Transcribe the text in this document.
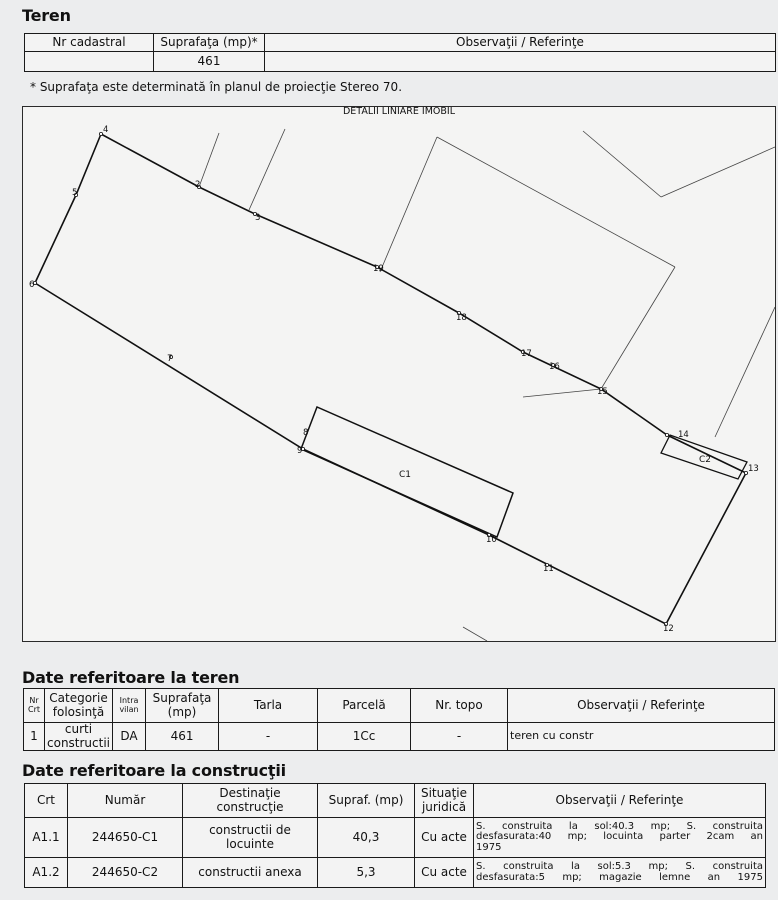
Teren
Nr cadastral	Suprafaţa (mp)*	Observaţii / Referinţe
	461	
* Suprafaţa este determinată în planul de proiecţie Stereo 70.
DETALII LINIARE IMOBIL
4
5
2
3
19
18
17
16
15
14
13
12
11
10
9
8
7
6
C1
C2
Date referitoare la teren
Nr Crt	Categorie folosinţă	Intra vilan	Suprafaţa (mp)	Tarla	Parcelă	Nr. topo	Observaţii / Referinţe
1	curti constructii	DA	461	-	1Cc	-	teren cu constr
Date referitoare la construcţii
Crt	Număr	Destinaţie construcţie	Supraf. (mp)	Situaţie juridică	Observaţii / Referinţe
A1.1	244650-C1	constructii de locuinte	40,3	Cu acte	S. construita la sol:40.3 mp; S. construita
desfasurata:40 mp; locuinta parter 2cam an
1975

A1.2	244650-C2	constructii anexa	5,3	Cu acte	S. construita la sol:5.3 mp; S. construita
desfasurata:5 mp; magazie lemne an 1975
